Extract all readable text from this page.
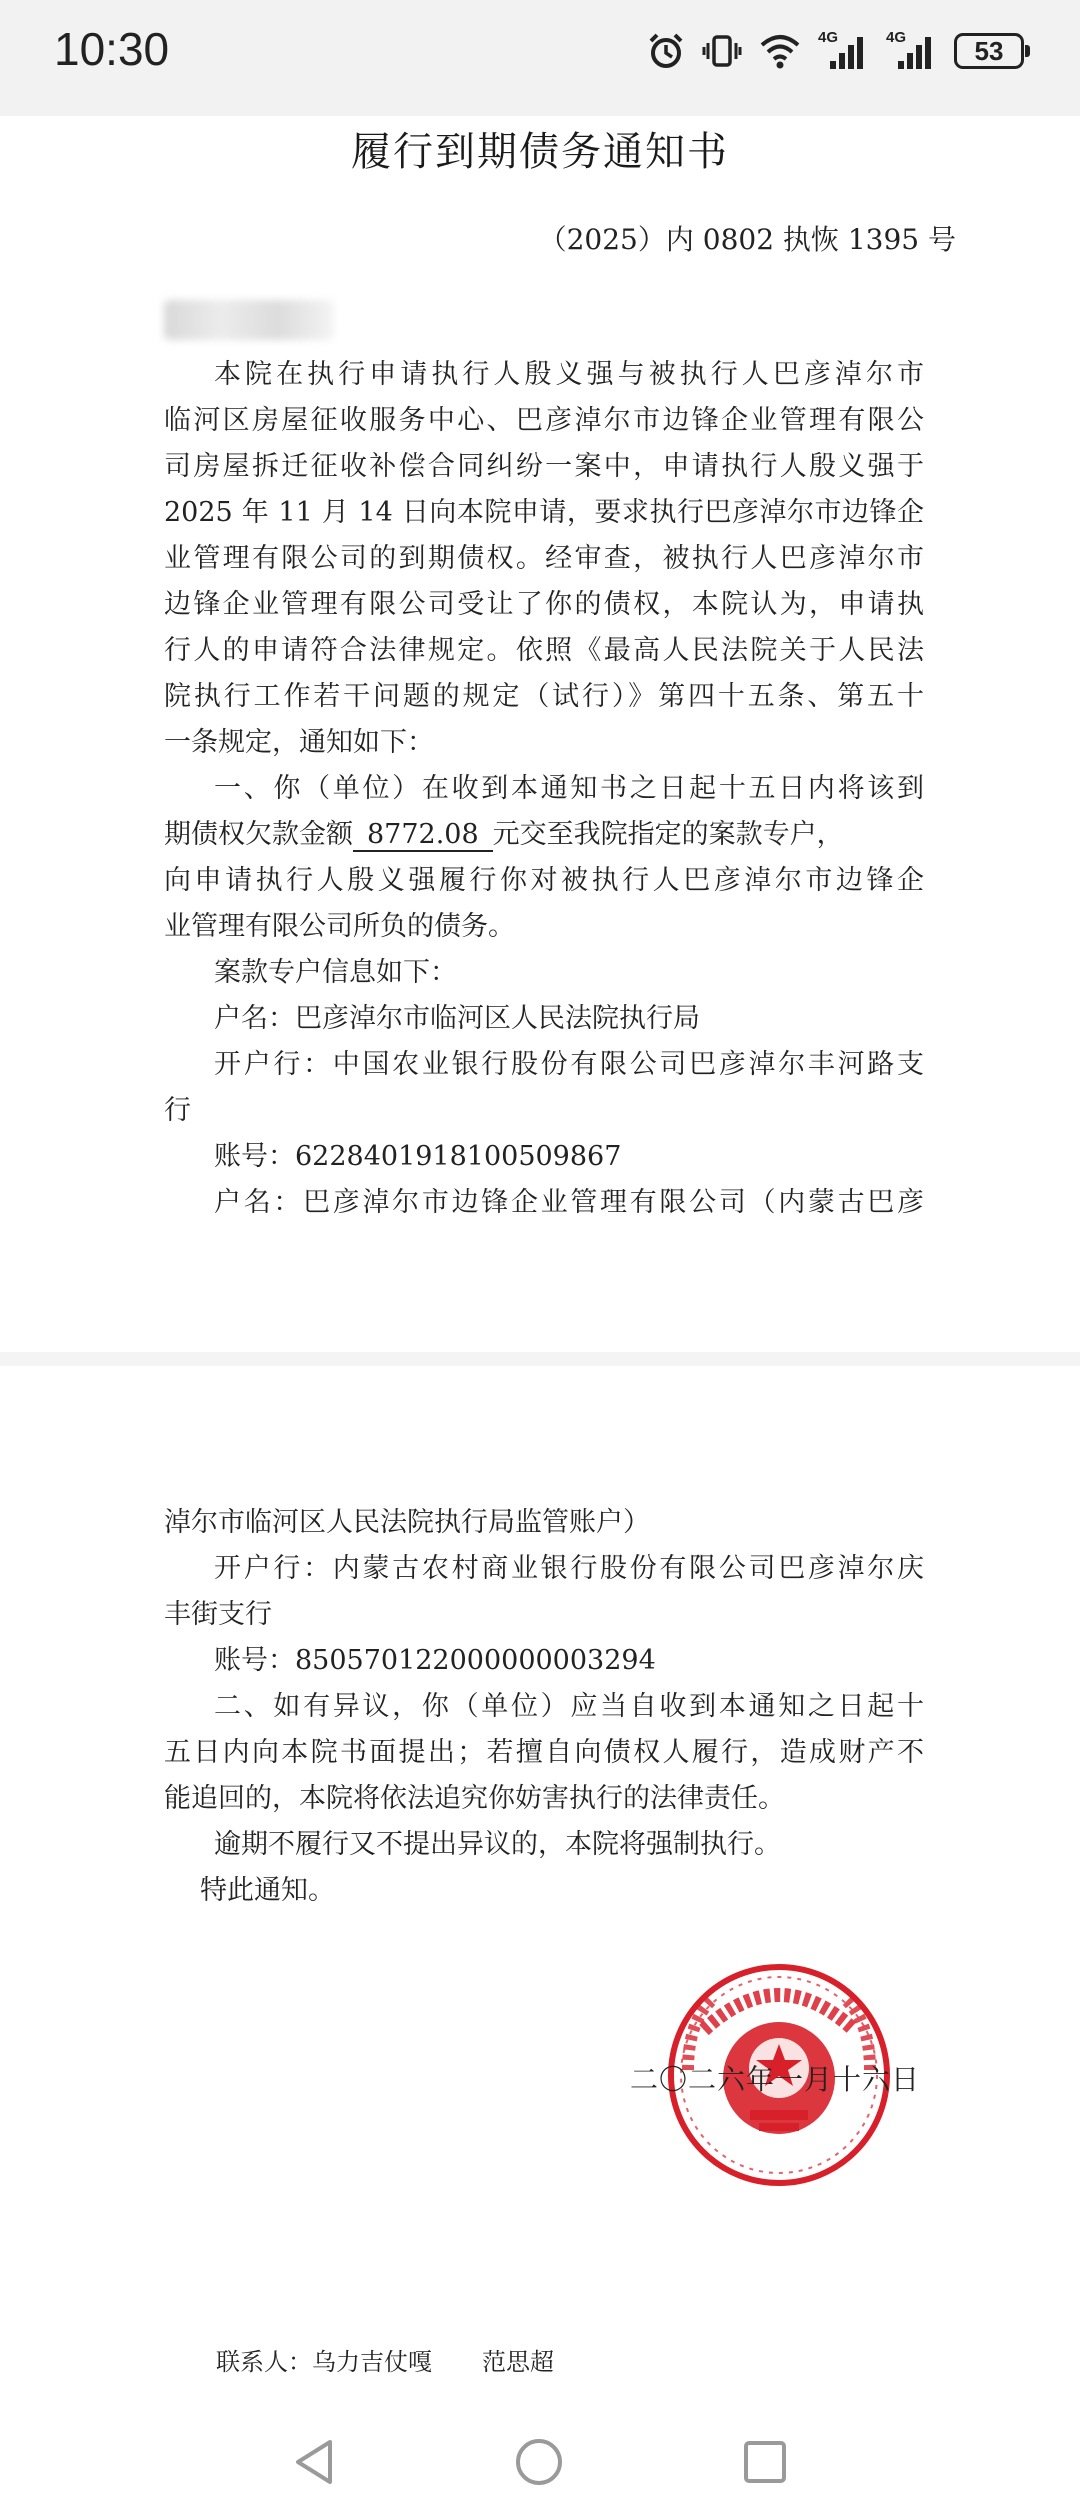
10:30	4G	4G	53
履行到期债务通知书
（2025）内 0802 执恢 1395 号
本院在执行申请执行人殷义强与被执行人巴彦淖尔市
临河区房屋征收服务中心、巴彦淖尔市边锋企业管理有限公
司房屋拆迁征收补偿合同纠纷一案中，申请执行人殷义强于
2025 年 11 月 14 日向本院申请，要求执行巴彦淖尔市边锋企
业管理有限公司的到期债权。经审查，被执行人巴彦淖尔市
边锋企业管理有限公司受让了你的债权，本院认为，申请执
行人的申请符合法律规定。依照《最高人民法院关于人民法
院执行工作若干问题的规定（试行）》第四十五条、第五十
一条规定，通知如下：
一、你（单位）在收到本通知书之日起十五日内将该到
期债权欠款金额 8772.08 元交至我院指定的案款专户，
向申请执行人殷义强履行你对被执行人巴彦淖尔市边锋企
业管理有限公司所负的债务。
案款专户信息如下：
户名：巴彦淖尔市临河区人民法院执行局
开户行：中国农业银行股份有限公司巴彦淖尔丰河路支
行
账号：6228401918100509867
户名：巴彦淖尔市边锋企业管理有限公司（内蒙古巴彦
淖尔市临河区人民法院执行局监管账户）
开户行：内蒙古农村商业银行股份有限公司巴彦淖尔庆
丰街支行
账号：850570122000000003294
二、如有异议，你（单位）应当自收到本通知之日起十
五日内向本院书面提出；若擅自向债权人履行，造成财产不
能追回的，本院将依法追究你妨害执行的法律责任。
逾期不履行又不提出异议的，本院将强制执行。
特此通知。
二〇二六年一月十六日
联系人：乌力吉仗嘎 范思超
